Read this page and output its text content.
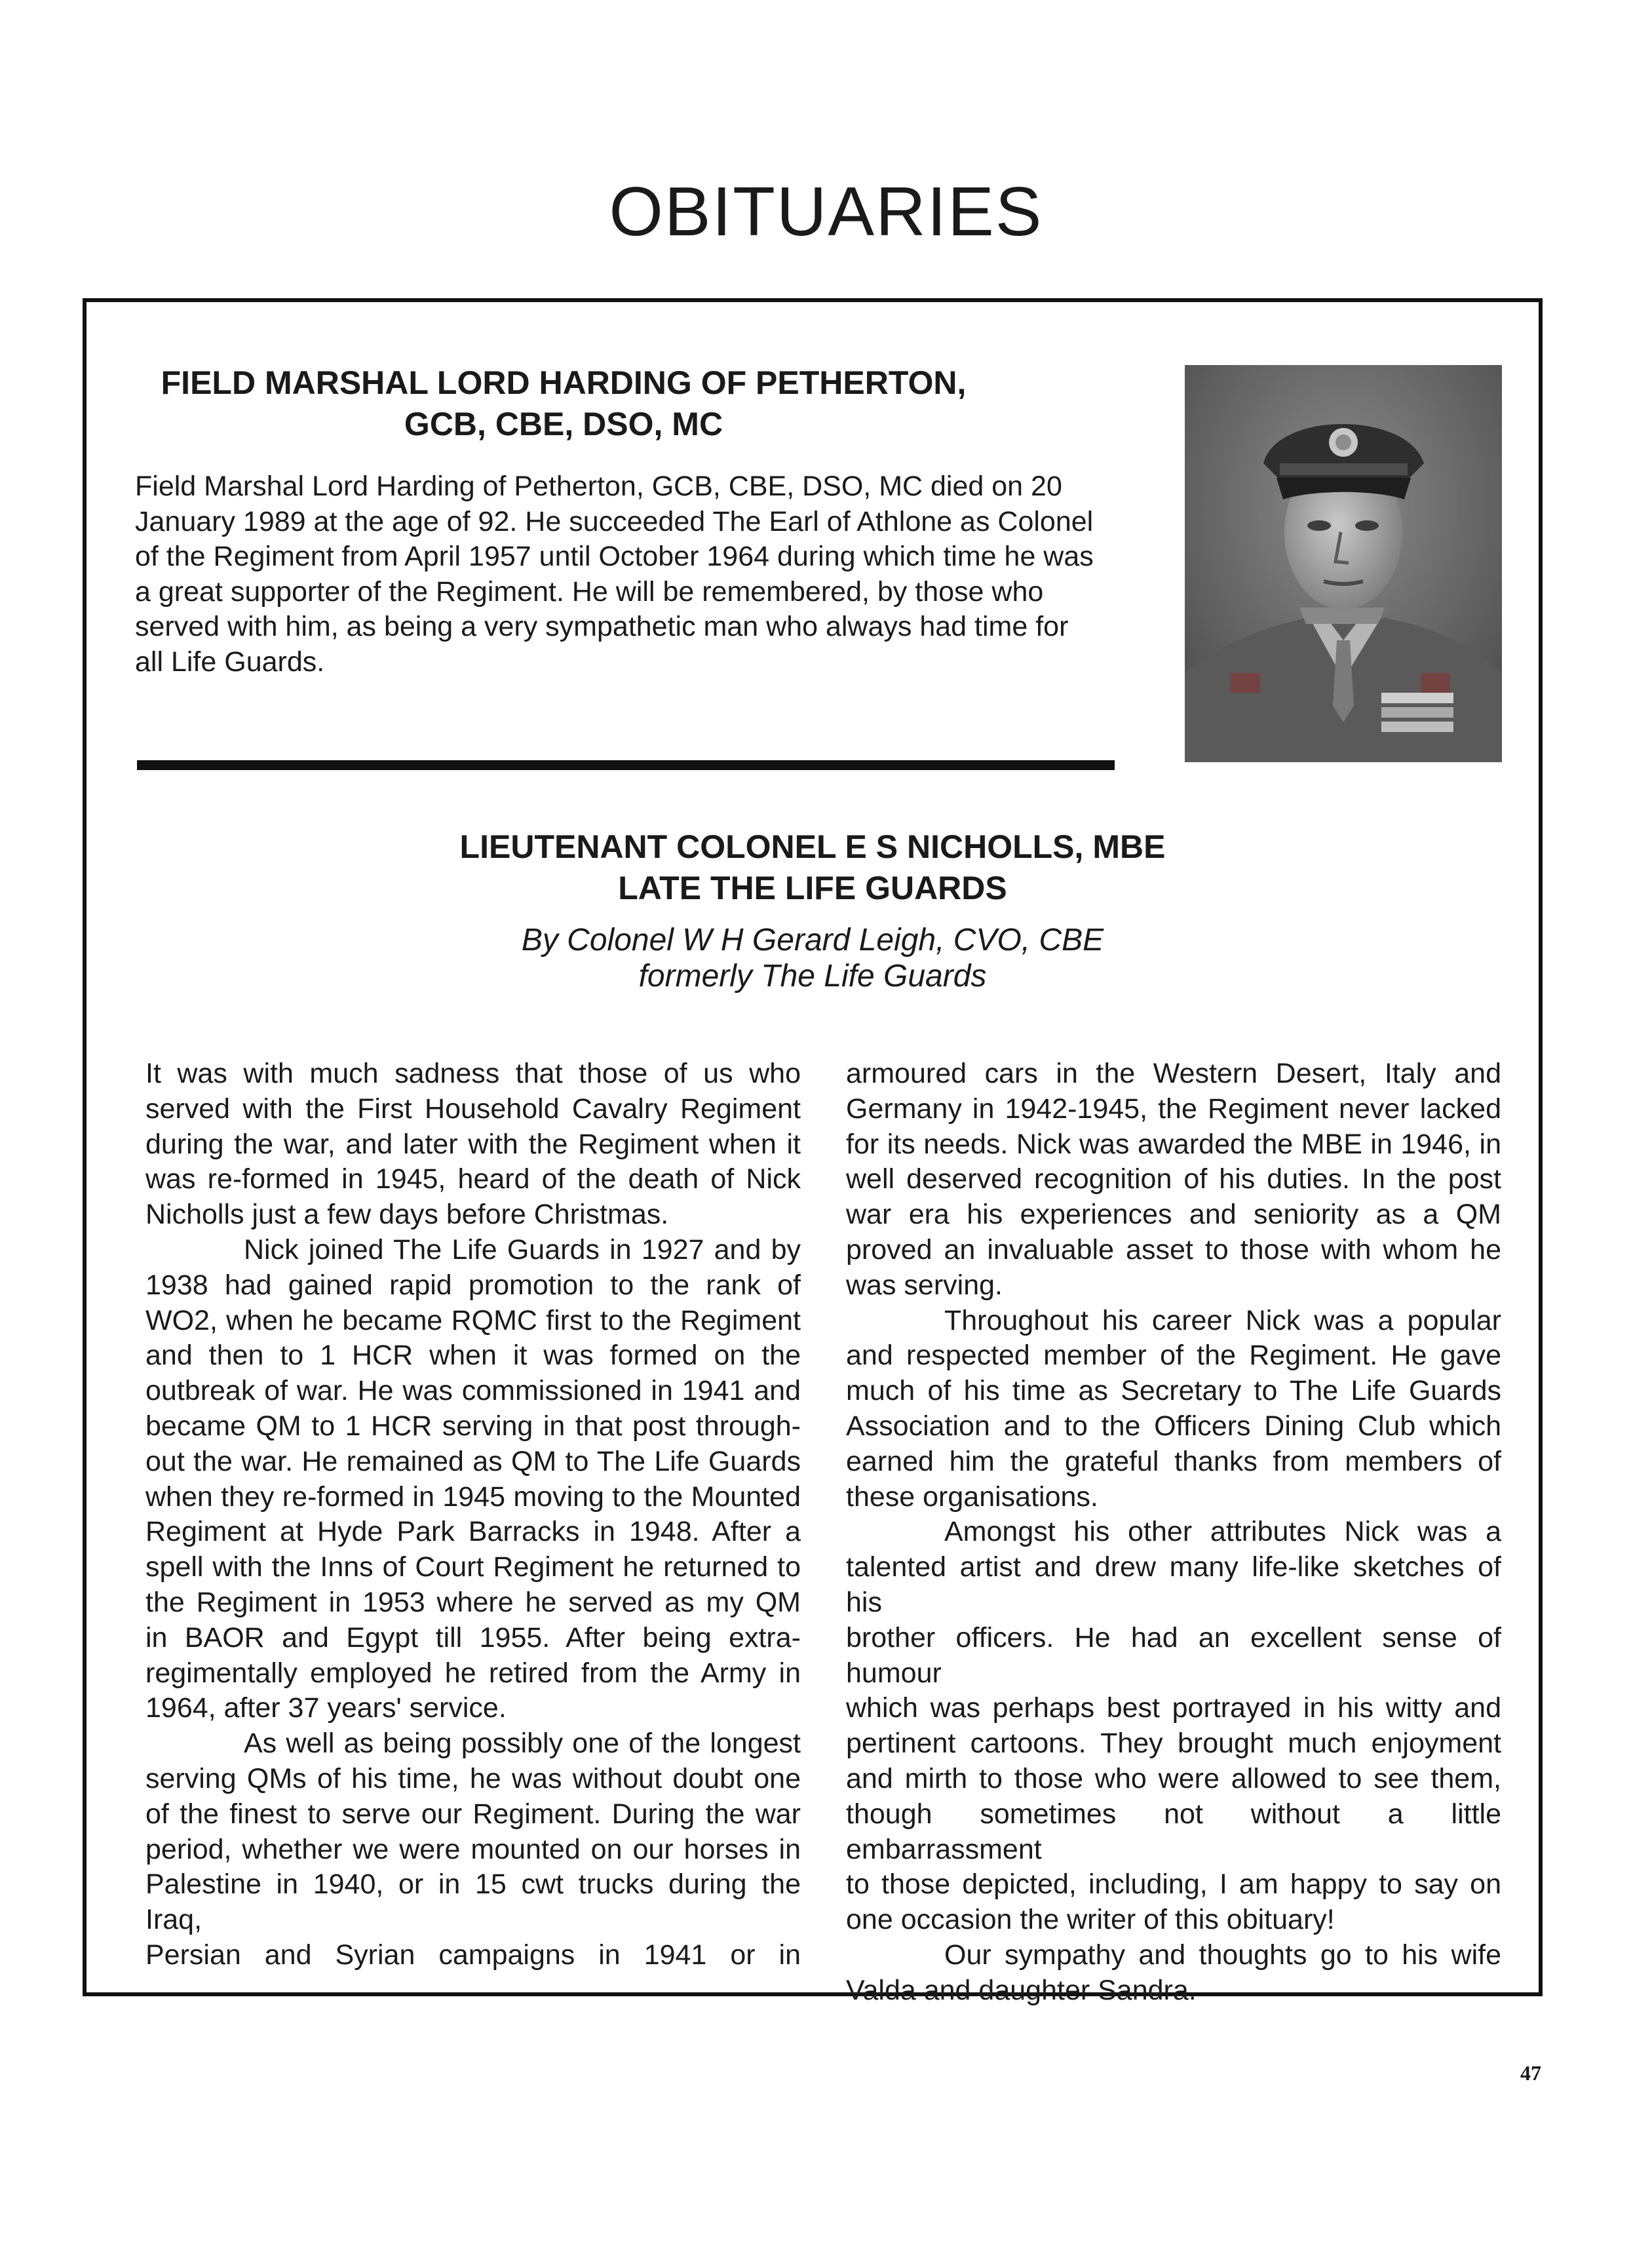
OBITUARIES
FIELD MARSHAL LORD HARDING OF PETHERTON,
GCB, CBE, DSO, MC

Field Marshal Lord Harding of Petherton, GCB, CBE, DSO, MC died on 20
January 1989 at the age of 92. He succeeded The Earl of Athlone as Colonel
of the Regiment from April 1957 until October 1964 during which time he was
a great supporter of the Regiment. He will be remembered, by those who
served with him, as being a very sympathetic man who always had time for
all Life Guards.

LIEUTENANT COLONEL E S NICHOLLS, MBE
LATE THE LIFE GUARDS

By Colonel W H Gerard Leigh, CVO, CBE
formerly The Life Guards

It was with much sadness that those of us who
served with the First Household Cavalry Regiment
during the war, and later with the Regiment when it
was re-formed in 1945, heard of the death of Nick
Nicholls just a few days before Christmas.

Nick joined The Life Guards in 1927 and by
1938 had gained rapid promotion to the rank of
WO2, when he became RQMC first to the Regiment
and then to 1 HCR when it was formed on the
outbreak of war. He was commissioned in 1941 and
became QM to 1 HCR serving in that post through-
out the war. He remained as QM to The Life Guards
when they re-formed in 1945 moving to the Mounted
Regiment at Hyde Park Barracks in 1948. After a
spell with the Inns of Court Regiment he returned to
the Regiment in 1953 where he served as my QM
in BAOR and Egypt till 1955. After being extra-
regimentally employed he retired from the Army in
1964, after 37 years' service.

As well as being possibly one of the longest
serving QMs of his time, he was without doubt one
of the finest to serve our Regiment. During the war
period, whether we were mounted on our horses in
Palestine in 1940, or in 15 cwt trucks during the Iraq,
Persian and Syrian campaigns in 1941 or in

armoured cars in the Western Desert, Italy and
Germany in 1942-1945, the Regiment never lacked
for its needs. Nick was awarded the MBE in 1946, in
well deserved recognition of his duties. In the post
war era his experiences and seniority as a QM
proved an invaluable asset to those with whom he
was serving.

Throughout his career Nick was a popular
and respected member of the Regiment. He gave
much of his time as Secretary to The Life Guards
Association and to the Officers Dining Club which
earned him the grateful thanks from members of
these organisations.

Amongst his other attributes Nick was a
talented artist and drew many life-like sketches of his
brother officers. He had an excellent sense of humour
which was perhaps best portrayed in his witty and
pertinent cartoons. They brought much enjoyment
and mirth to those who were allowed to see them,
though sometimes not without a little embarrassment
to those depicted, including, I am happy to say on
one occasion the writer of this obituary!

Our sympathy and thoughts go to his wife
Valda and daughter Sandra.

47
